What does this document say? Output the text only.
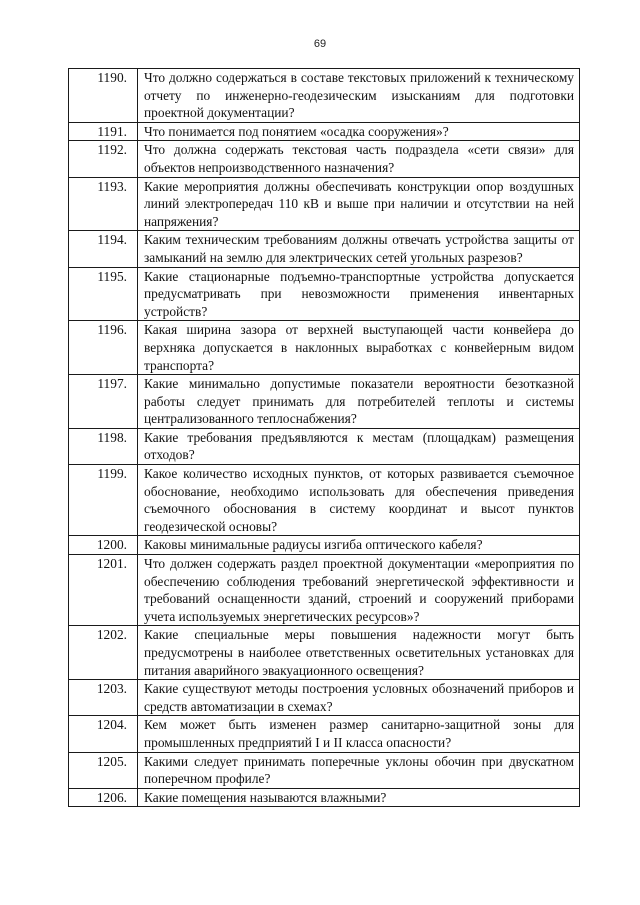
69
1190.	Что должно содержаться в составе текстовых приложений к техническому отчету по инженерно-геодезическим изысканиям для подготовки проектной документации?
1191.	Что понимается под понятием «осадка сооружения»?
1192.	Что должна содержать текстовая часть подраздела «сети связи» для объектов непроизводственного назначения?
1193.	Какие мероприятия должны обеспечивать конструкции опор воздушных линий электропередач 110 кВ и выше при наличии и отсутствии на ней напряжения?
1194.	Каким техническим требованиям должны отвечать устройства защиты от замыканий на землю для электрических сетей угольных разрезов?
1195.	Какие стационарные подъемно-транспортные устройства допускается предусматривать при невозможности применения инвентарных устройств?
1196.	Какая ширина зазора от верхней выступающей части конвейера до верхняка допускается в наклонных выработках с конвейерным видом транспорта?
1197.	Какие минимально допустимые показатели вероятности безотказной работы следует принимать для потребителей теплоты и системы централизованного теплоснабжения?
1198.	Какие требования предъявляются к местам (площадкам) размещения отходов?
1199.	Какое количество исходных пунктов, от которых развивается съемочное обоснование, необходимо использовать для обеспечения приведения съемочного обоснования в систему координат и высот пунктов геодезической основы?
1200.	Каковы минимальные радиусы изгиба оптического кабеля?
1201.	Что должен содержать раздел проектной документации «мероприятия по обеспечению соблюдения требований энергетической эффективности и требований оснащенности зданий, строений и сооружений приборами учета используемых энергетических ресурсов»?
1202.	Какие специальные меры повышения надежности могут быть предусмотрены в наиболее ответственных осветительных установках для питания аварийного эвакуационного освещения?
1203.	Какие существуют методы построения условных обозначений приборов и средств автоматизации в схемах?
1204.	Кем может быть изменен размер санитарно-защитной зоны для промышленных предприятий I и II класса опасности?
1205.	Какими следует принимать поперечные уклоны обочин при двускатном поперечном профиле?
1206.	Какие помещения называются влажными?
